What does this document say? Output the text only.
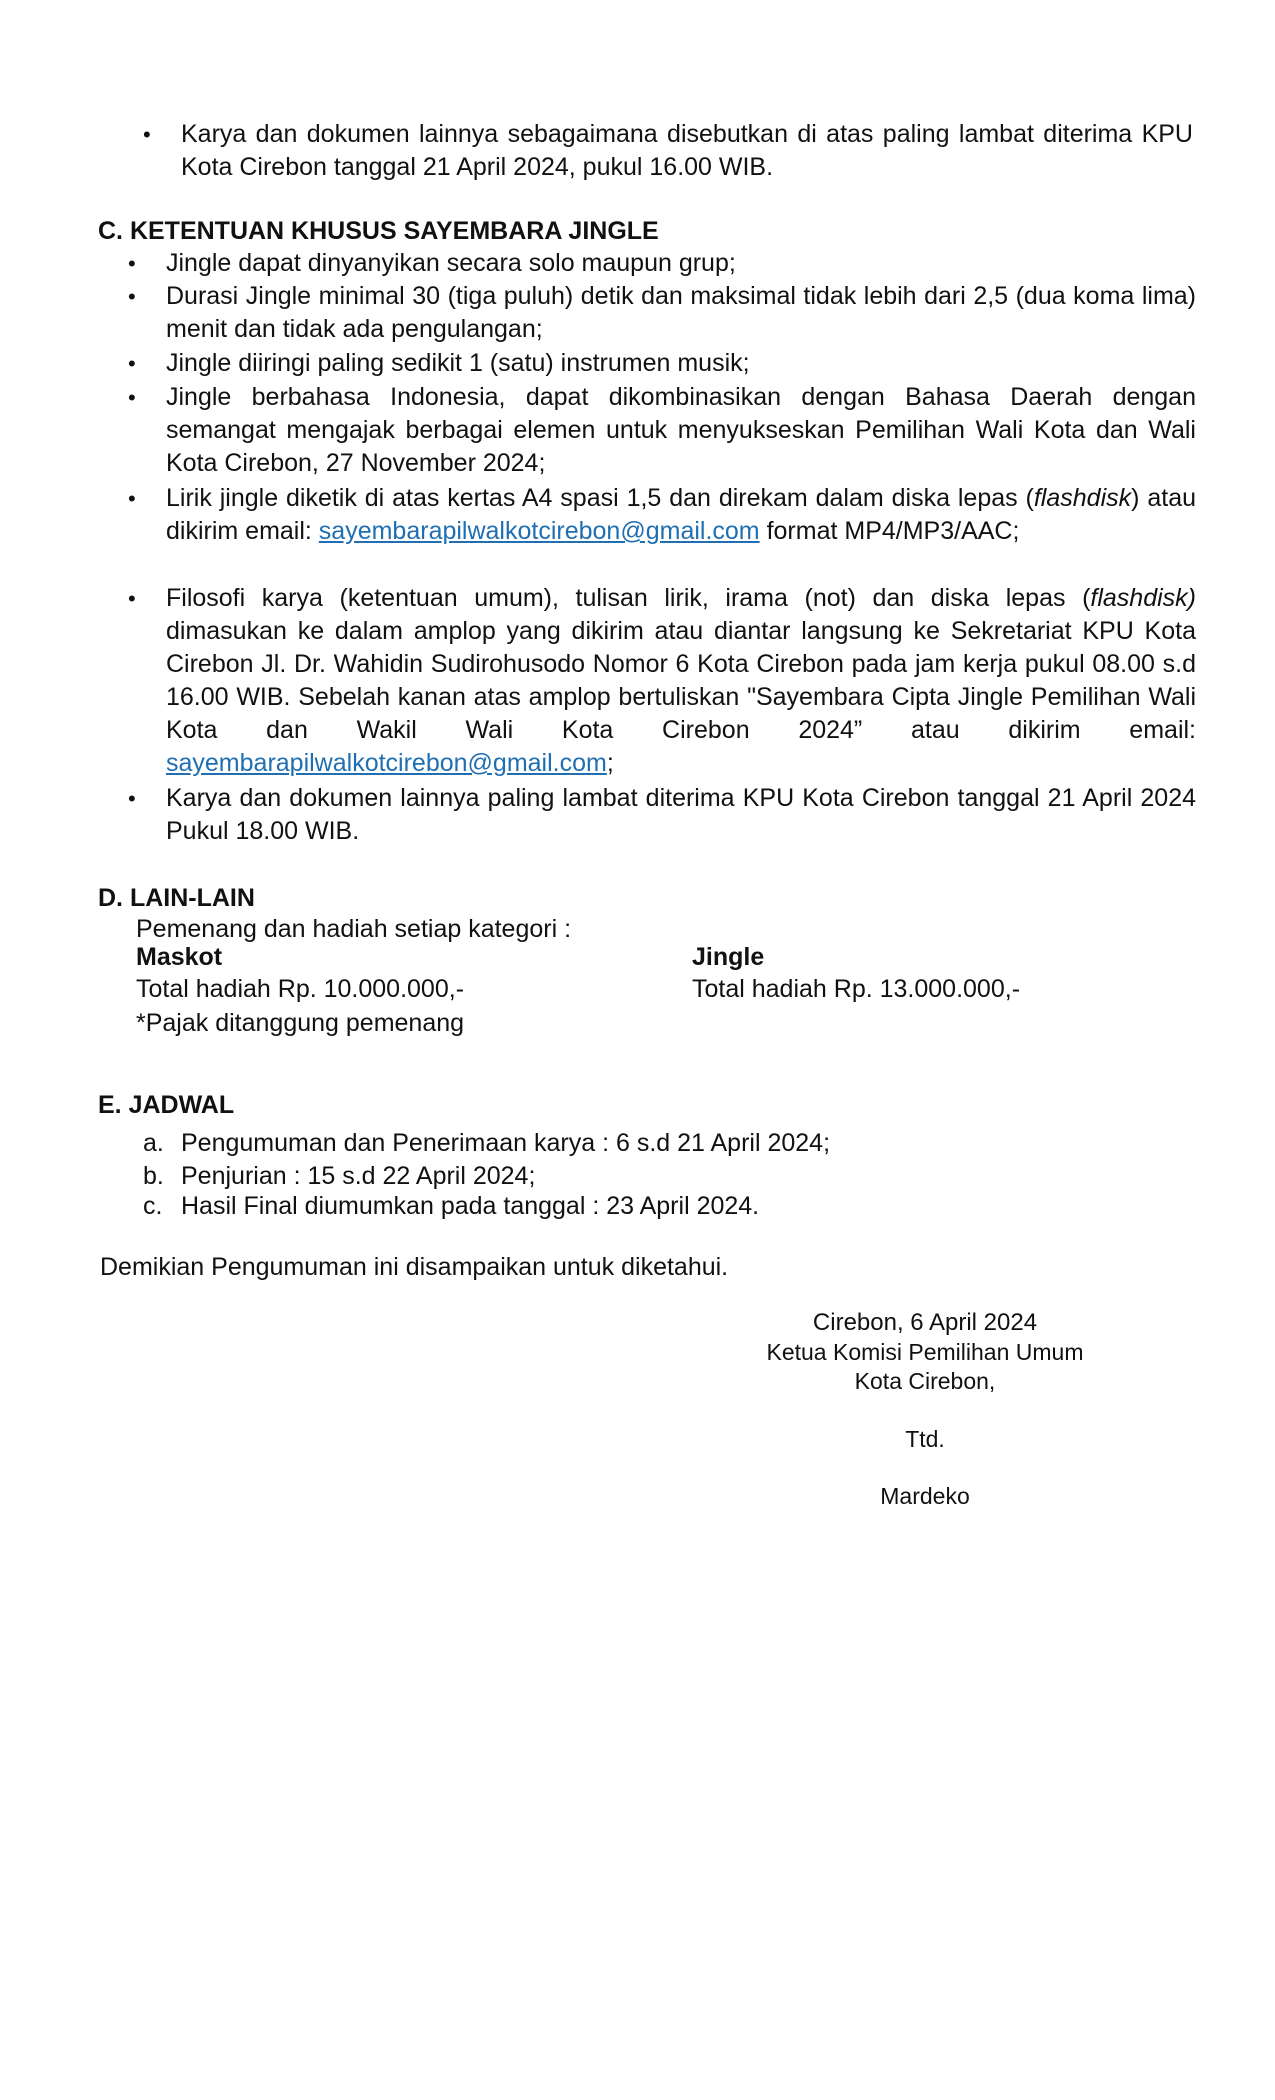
• Karya dan dokumen lainnya sebagaimana disebutkan di atas paling lambat diterima KPU Kota Cirebon tanggal 21 April 2024, pukul 16.00 WIB.
C. KETENTUAN KHUSUS SAYEMBARA JINGLE
• Jingle dapat dinyanyikan secara solo maupun grup;
• Durasi Jingle minimal 30 (tiga puluh) detik dan maksimal tidak lebih dari 2,5 (dua koma lima) menit dan tidak ada pengulangan;
• Jingle diiringi paling sedikit 1 (satu) instrumen musik;
• Jingle berbahasa Indonesia, dapat dikombinasikan dengan Bahasa Daerah dengan semangat mengajak berbagai elemen untuk menyukseskan Pemilihan Wali Kota dan Wali Kota Cirebon, 27 November 2024;
• Lirik jingle diketik di atas kertas A4 spasi 1,5 dan direkam dalam diska lepas (flashdisk) atau dikirim email: sayembarapilwalkotcirebon@gmail.com format MP4/MP3/AAC;
• Filosofi karya (ketentuan umum), tulisan lirik, irama (not) dan diska lepas (flashdisk) dimasukan ke dalam amplop yang dikirim atau diantar langsung ke Sekretariat KPU Kota Cirebon Jl. Dr. Wahidin Sudirohusodo Nomor 6 Kota Cirebon pada jam kerja pukul 08.00 s.d 16.00 WIB. Sebelah kanan atas amplop bertuliskan "Sayembara Cipta Jingle Pemilihan Wali Kota dan Wakil Wali Kota Cirebon 2024” atau dikirim email: sayembarapilwalkotcirebon@gmail.com;
• Karya dan dokumen lainnya paling lambat diterima KPU Kota Cirebon tanggal 21 April 2024 Pukul 18.00 WIB.
D. LAIN-LAIN
Pemenang dan hadiah setiap kategori :
Maskot
Total hadiah Rp. 10.000.000,-
Jingle
Total hadiah Rp. 13.000.000,-
*Pajak ditanggung pemenang
E. JADWAL
a. Pengumuman dan Penerimaan karya : 6 s.d 21 April 2024;
b. Penjurian : 15 s.d 22 April 2024;
c. Hasil Final diumumkan pada tanggal : 23 April 2024.
Demikian Pengumuman ini disampaikan untuk diketahui.
Cirebon, 6 April 2024
Ketua Komisi Pemilihan Umum
Kota Cirebon,
Ttd.
Mardeko
